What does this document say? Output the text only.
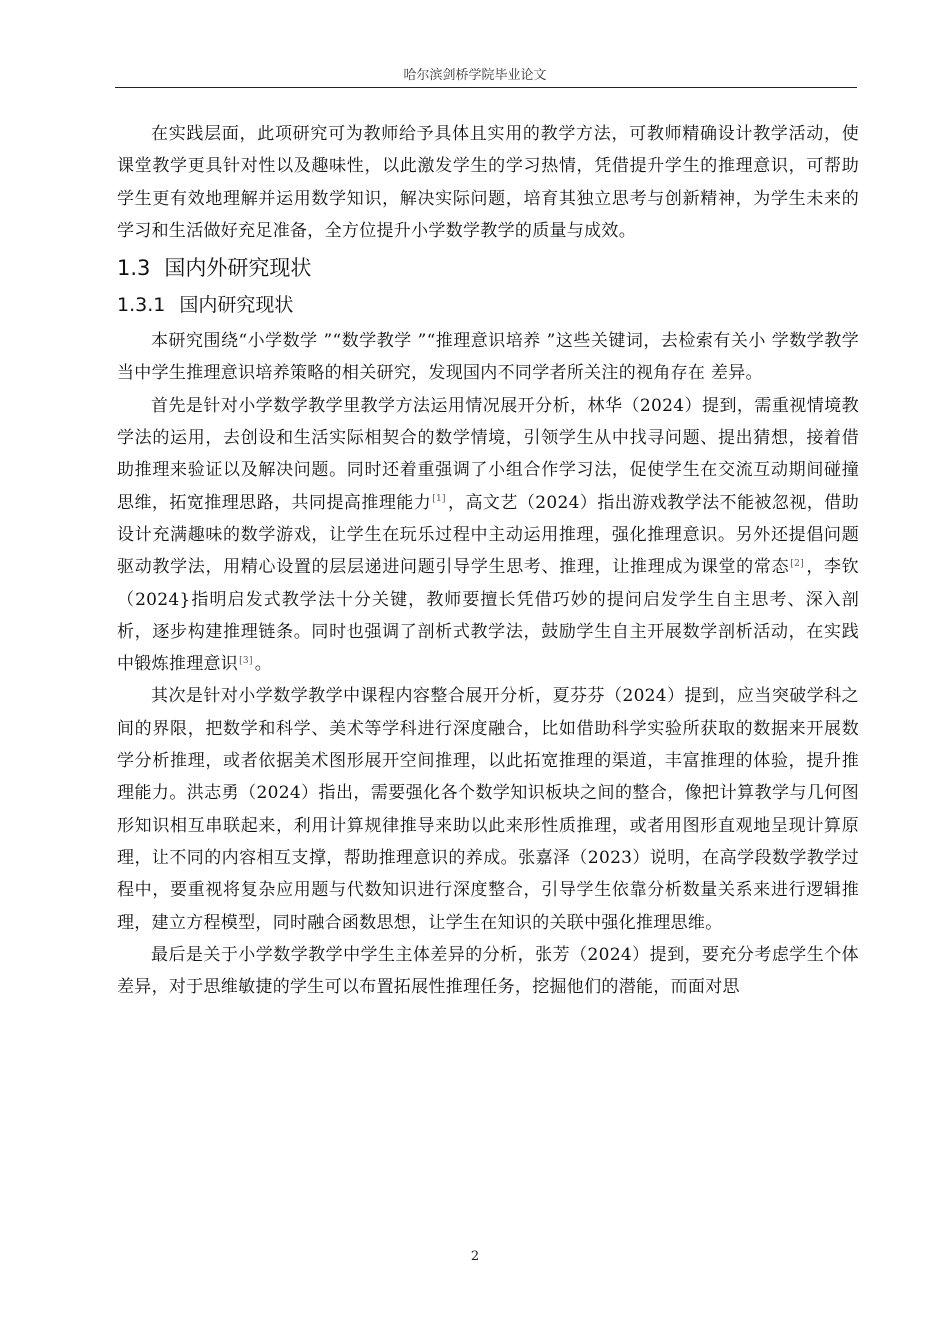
哈尔滨剑桥学院毕业论文

在实践层面，此项研究可为教师给予具体且实用的教学方法，可教师精确设计教学活动，使课堂教学更具针对性以及趣味性，以此激发学生的学习热情，凭借提升学生的推理意识，可帮助学生更有效地理解并运用数学知识，解决实际问题，培育其独立思考与创新精神，为学生未来的学习和生活做好充足准备，全方位提升小学数学教学的质量与成效。

1.3 国内外研究现状
1.3.1 国内研究现状

本研究围绕“小学数学 ”“数学教学 ”“推理意识培养 ”这些关键词，去检索有关小 学数学教学当中学生推理意识培养策略的相关研究，发现国内不同学者所关注的视角存在 差异。

首先是针对小学数学教学里教学方法运用情况展开分析，林华（2024）提到，需重视情境教学法的运用，去创设和生活实际相契合的数学情境，引领学生从中找寻问题、提出猜想，接着借助推理来验证以及解决问题。同时还着重强调了小组合作学习法，促使学生在交流互动期间碰撞思维，拓宽推理思路，共同提高推理能力[1] ，高文艺（2024）指出游戏教学法不能被忽视，借助设计充满趣味的数学游戏，让学生在玩乐过程中主动运用推理，强化推理意识。另外还提倡问题驱动教学法，用精心设置的层层递进问题引导学生思考、推理，让推理成为课堂的常态[2] ，李钦（2024}指明启发式教学法十分关键，教师要擅长凭借巧妙的提问启发学生自主思考、深入剖析，逐步构建推理链条。同时也强调了剖析式教学法，鼓励学生自主开展数学剖析活动，在实践中锻炼推理意识[3] 。

其次是针对小学数学教学中课程内容整合展开分析，夏芬芬（2024）提到，应当突破学科之间的界限，把数学和科学、美术等学科进行深度融合，比如借助科学实验所获取的数据来开展数学分析推理，或者依据美术图形展开空间推理，以此拓宽推理的渠道，丰富推理的体验，提升推理能力。洪志勇（2024）指出，需要强化各个数学知识板块之间的整合，像把计算教学与几何图形知识相互串联起来，利用计算规律推导来助以此来形性质推理，或者用图形直观地呈现计算原理，让不同的内容相互支撑，帮助推理意识的养成。张嘉泽（2023）说明，在高学段数学教学过程中，要重视将复杂应用题与代数知识进行深度整合，引导学生依靠分析数量关系来进行逻辑推理，建立方程模型，同时融合函数思想，让学生在知识的关联中强化推理思维。

最后是关于小学数学教学中学生主体差异的分析，张芳（2024）提到，要充分考虑学生个体差异，对于思维敏捷的学生可以布置拓展性推理任务，挖掘他们的潜能，而面对思

2
